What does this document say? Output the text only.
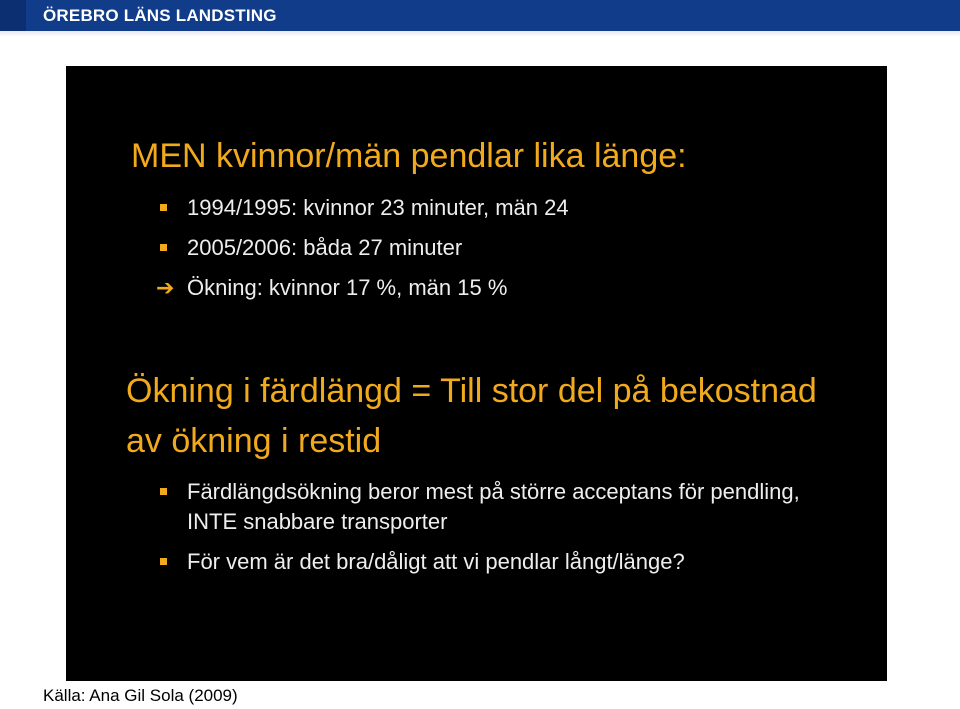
ÖREBRO LÄNS LANDSTING
MEN kvinnor/män pendlar lika länge:
1994/1995: kvinnor 23 minuter, män 24
2005/2006: båda 27 minuter
➔ Ökning: kvinnor 17 %, män 15 %
Ökning i färdlängd = Till stor del på bekostnad av ökning i restid
Färdlängdsökning beror mest på större acceptans för pendling, INTE snabbare transporter
För vem är det bra/dåligt att vi pendlar långt/länge?
Källa: Ana Gil Sola (2009)
